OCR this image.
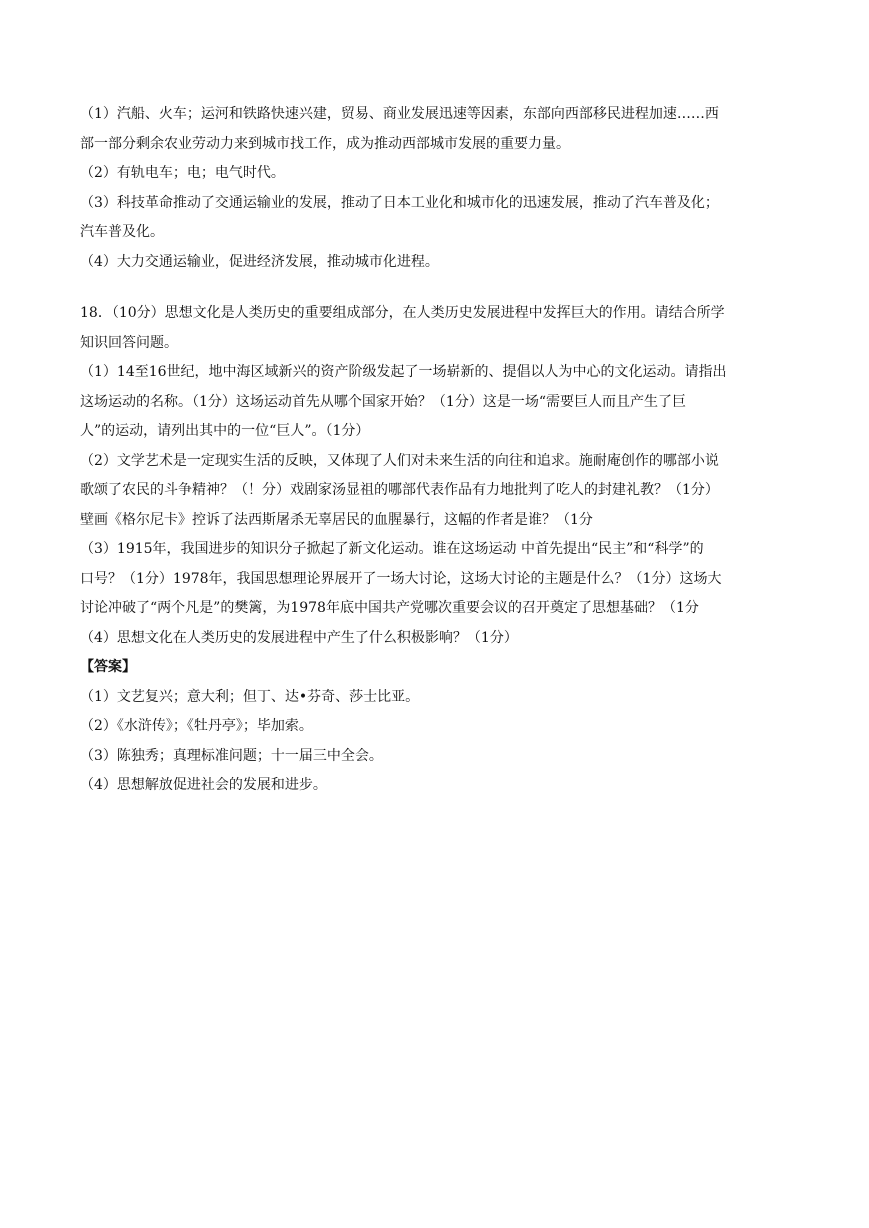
（1）汽船、火车；运河和铁路快速兴建，贸易、商业发展迅速等因素，东部向西部移民进程加速……西

部一部分剩余农业劳动力来到城市找工作，成为推动西部城市发展的重要力量。

（2）有轨电车；电；电气时代。

（3）科技革命推动了交通运输业的发展，推动了日本工业化和城市化的迅速发展，推动了汽车普及化；

汽车普及化。

（4）大力交通运输业，促进经济发展，推动城市化进程。

18．（10分）思想文化是人类历史的重要组成部分，在人类历史发展进程中发挥巨大的作用。请结合所学

知识回答问题。

（1）14至16世纪，地中海区域新兴的资产阶级发起了一场崭新的、提倡以人为中心的文化运动。请指出

这场运动的名称。（1分）这场运动首先从哪个国家开始？（1分）这是一场“需要巨人而且产生了巨

人”的运动，请列出其中的一位“巨人”。（1分）

（2）文学艺术是一定现实生活的反映，又体现了人们对未来生活的向往和追求。施耐庵创作的哪部小说

歌颂了农民的斗争精神？（！分）戏剧家汤显祖的哪部代表作品有力地批判了吃人的封建礼教？（1分）

壁画《格尔尼卡》控诉了法西斯屠杀无辜居民的血腥暴行，这幅的作者是谁？（1分

（3）1915年，我国进步的知识分子掀起了新文化运动。谁在这场运动 中首先提出“民主”和“科学”的

口号？（1分）1978年，我国思想理论界展开了一场大讨论，这场大讨论的主题是什么？（1分）这场大

讨论冲破了“两个凡是”的樊篱，为1978年底中国共产党哪次重要会议的召开奠定了思想基础？（1分

（4）思想文化在人类历史的发展进程中产生了什么积极影响？（1分）

【答案】

（1）文艺复兴；意大利；但丁、达•芬奇、莎士比亚。

（2）《水浒传》；《牡丹亭》；毕加索。

（3）陈独秀；真理标准问题；十一届三中全会。

（4）思想解放促进社会的发展和进步。
